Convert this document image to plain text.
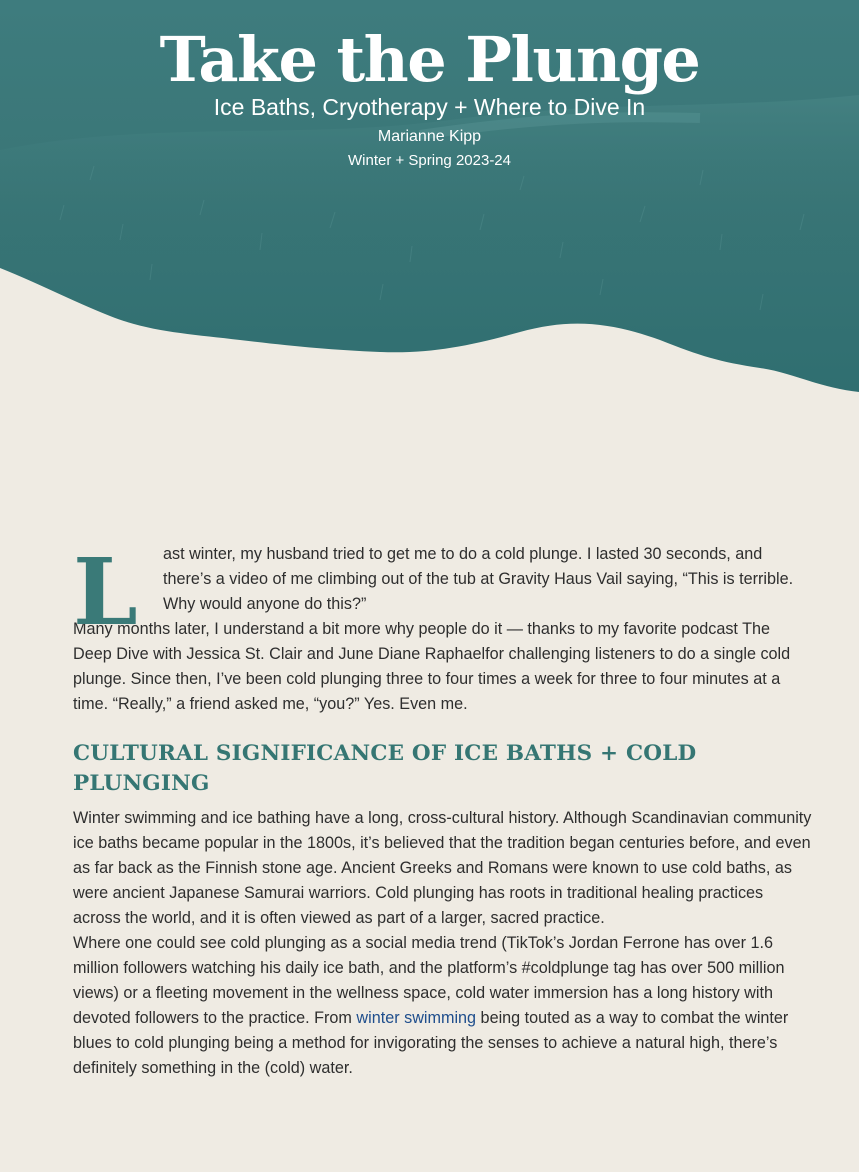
Take the Plunge
Ice Baths, Cryotherapy + Where to Dive In
Marianne Kipp
Winter + Spring 2023-24
L	ast winter, my husband tried to get me to do a cold plunge. I lasted 30 seconds, and there’s a video of me climbing out of the tub at Gravity Haus Vail saying, “This is terrible. Why would anyone do this?”

Many months later, I understand a bit more why people do it — thanks to my favorite podcast The Deep Dive with Jessica St. Clair and June Diane Raphaelfor challenging listeners to do a single cold plunge. Since then, I’ve been cold plunging three to four times a week for three to four minutes at a time. “Really,” a friend asked me, “you?” Yes. Even me.

CULTURAL SIGNIFICANCE OF ICE BATHS + COLD PLUNGING

Winter swimming and ice bathing have a long, cross-cultural history. Although Scandinavian community ice baths became popular in the 1800s, it’s believed that the tradition began centuries before, and even as far back as the Finnish stone age. Ancient Greeks and Romans were known to use cold baths, as were ancient Japanese Samurai warriors. Cold plunging has roots in traditional healing practices across the world, and it is often viewed as part of a larger, sacred practice.

Where one could see cold plunging as a social media trend (TikTok’s Jordan Ferrone has over 1.6 million followers watching his daily ice bath, and the platform’s #coldplunge tag has over 500 million views) or a fleeting movement in the wellness space, cold water immersion has a long history with devoted followers to the practice. From winter swimming being touted as a way to combat the winter blues to cold plunging being a method for invigorating the senses to achieve a natural high, there’s definitely something in the (cold) water.
